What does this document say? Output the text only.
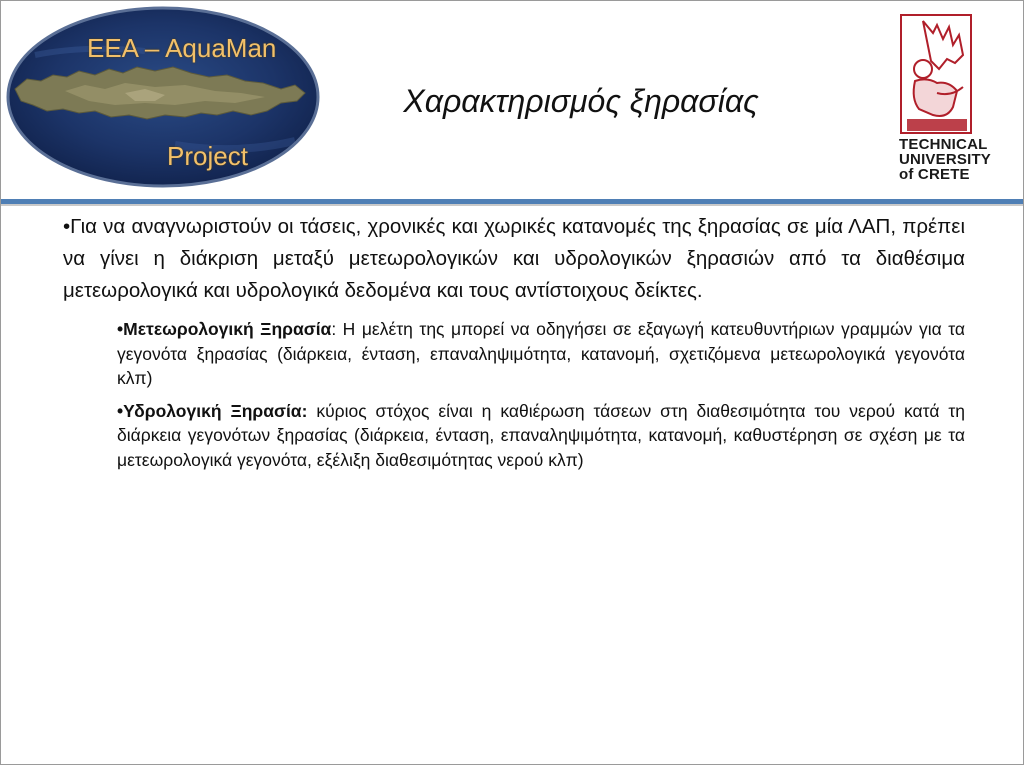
EEA – AquaMan
Project
Χαρακτηρισμός ξηρασίας
TECHNICAL
UNIVERSITY
of CRETE

•Για να αναγνωριστούν οι τάσεις, χρονικές και χωρικές κατανομές της ξηρασίας σε μία ΛΑΠ, πρέπει να γίνει η διάκριση μεταξύ μετεωρολογικών και υδρολογικών ξηρασιών από τα διαθέσιμα μετεωρολογικά και υδρολογικά δεδομένα και τους αντίστοιχους δείκτες.

•Μετεωρολογική Ξηρασία: Η μελέτη της μπορεί να οδηγήσει σε εξαγωγή κατευθυντήριων γραμμών για τα γεγονότα ξηρασίας (διάρκεια, ένταση, επαναληψιμότητα, κατανομή, σχετιζόμενα μετεωρολογικά γεγονότα κλπ)
•Υδρολογική Ξηρασία: κύριος στόχος είναι η καθιέρωση τάσεων στη διαθεσιμότητα του νερού κατά τη διάρκεια γεγονότων ξηρασίας (διάρκεια, ένταση, επαναληψιμότητα, κατανομή, καθυστέρηση σε σχέση με τα μετεωρολογικά γεγονότα, εξέλιξη διαθεσιμότητας νερού κλπ)
